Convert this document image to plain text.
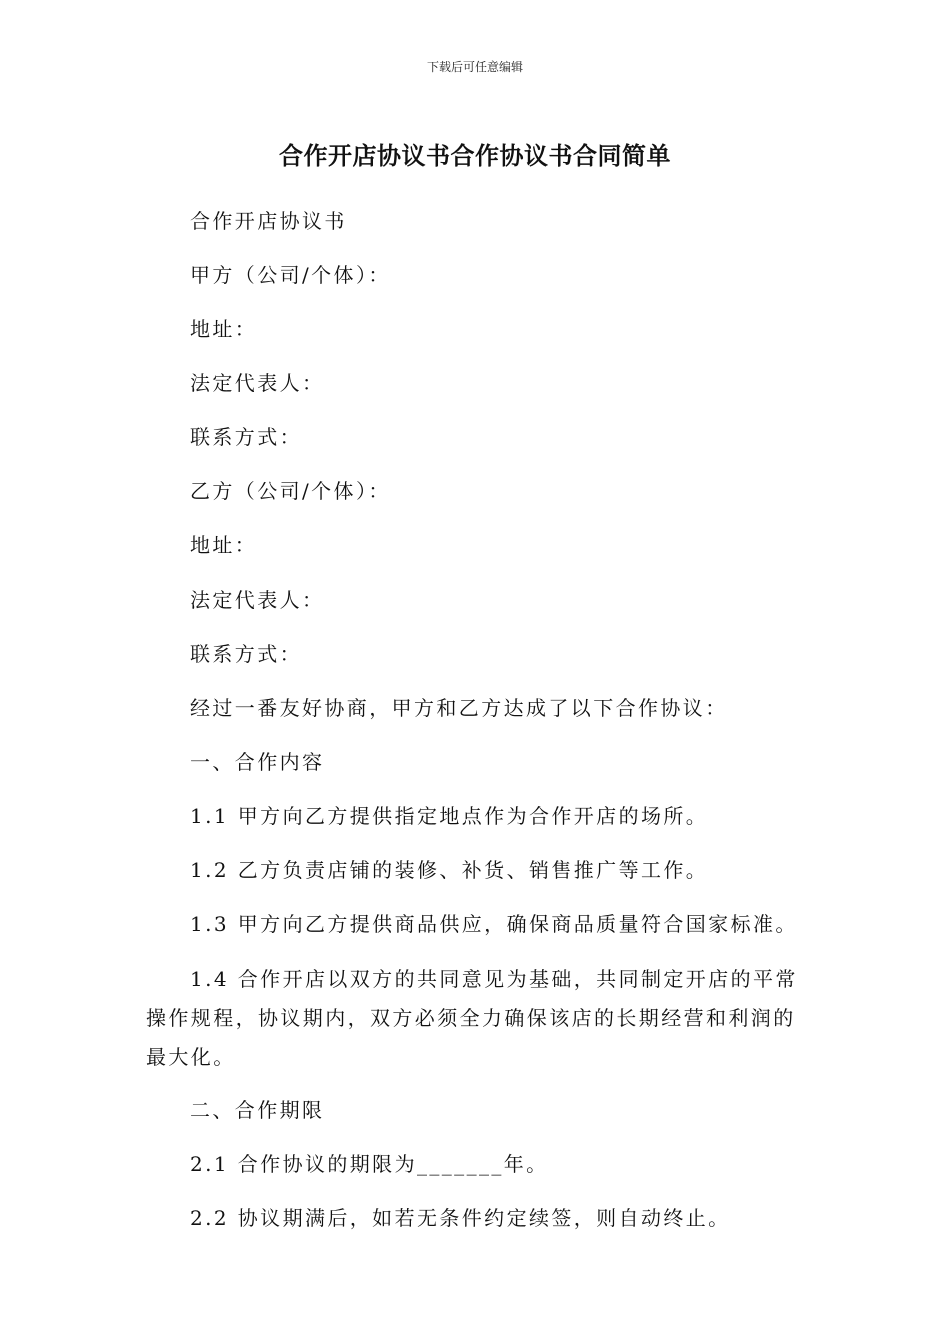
下载后可任意编辑
合作开店协议书合作协议书合同简单
合作开店协议书
甲方（公司/个体）：
地址：
法定代表人：
联系方式：
乙方（公司/个体）：
地址：
法定代表人：
联系方式：
经过一番友好协商，甲方和乙方达成了以下合作协议：
一、合作内容
1.1 甲方向乙方提供指定地点作为合作开店的场所。
1.2 乙方负责店铺的装修、补货、销售推广等工作。
1.3 甲方向乙方提供商品供应，确保商品质量符合国家标准。
1.4 合作开店以双方的共同意见为基础，共同制定开店的平常操作规程，协议期内，双方必须全力确保该店的长期经营和利润的最大化。
二、合作期限
2.1 合作协议的期限为_______年。
2.2 协议期满后，如若无条件约定续签，则自动终止。
